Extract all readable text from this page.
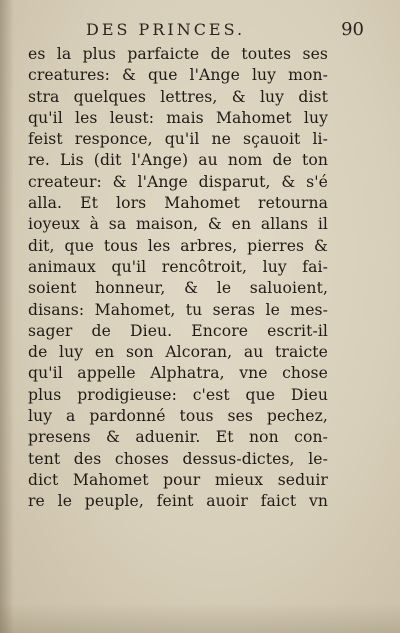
DES PRINCES.	90
es la plus parfaicte de toutes ses
creatures: & que l'Ange luy mon-
stra quelques lettres, & luy dist
qu'il les leust: mais Mahomet luy
feist responce, qu'il ne sçauoit li-
re. Lis (dit l'Ange) au nom de ton
createur: & l'Ange disparut, & s'é
alla. Et lors Mahomet retourna
ioyeux à sa maison, & en allans il
dit, que tous les arbres, pierres &
animaux qu'il rencôtroit, luy fai-
soient honneur, & le saluoient,
disans: Mahomet, tu seras le mes-
sager de Dieu. Encore escrit-il
de luy en son Alcoran, au traicte
qu'il appelle Alphatra, vne chose
plus prodigieuse: c'est que Dieu
luy a pardonné tous ses pechez,
presens & aduenir. Et non con-
tent des choses dessus-dictes, le-
dict Mahomet pour mieux seduir
re le peuple, feint auoir faict vn
